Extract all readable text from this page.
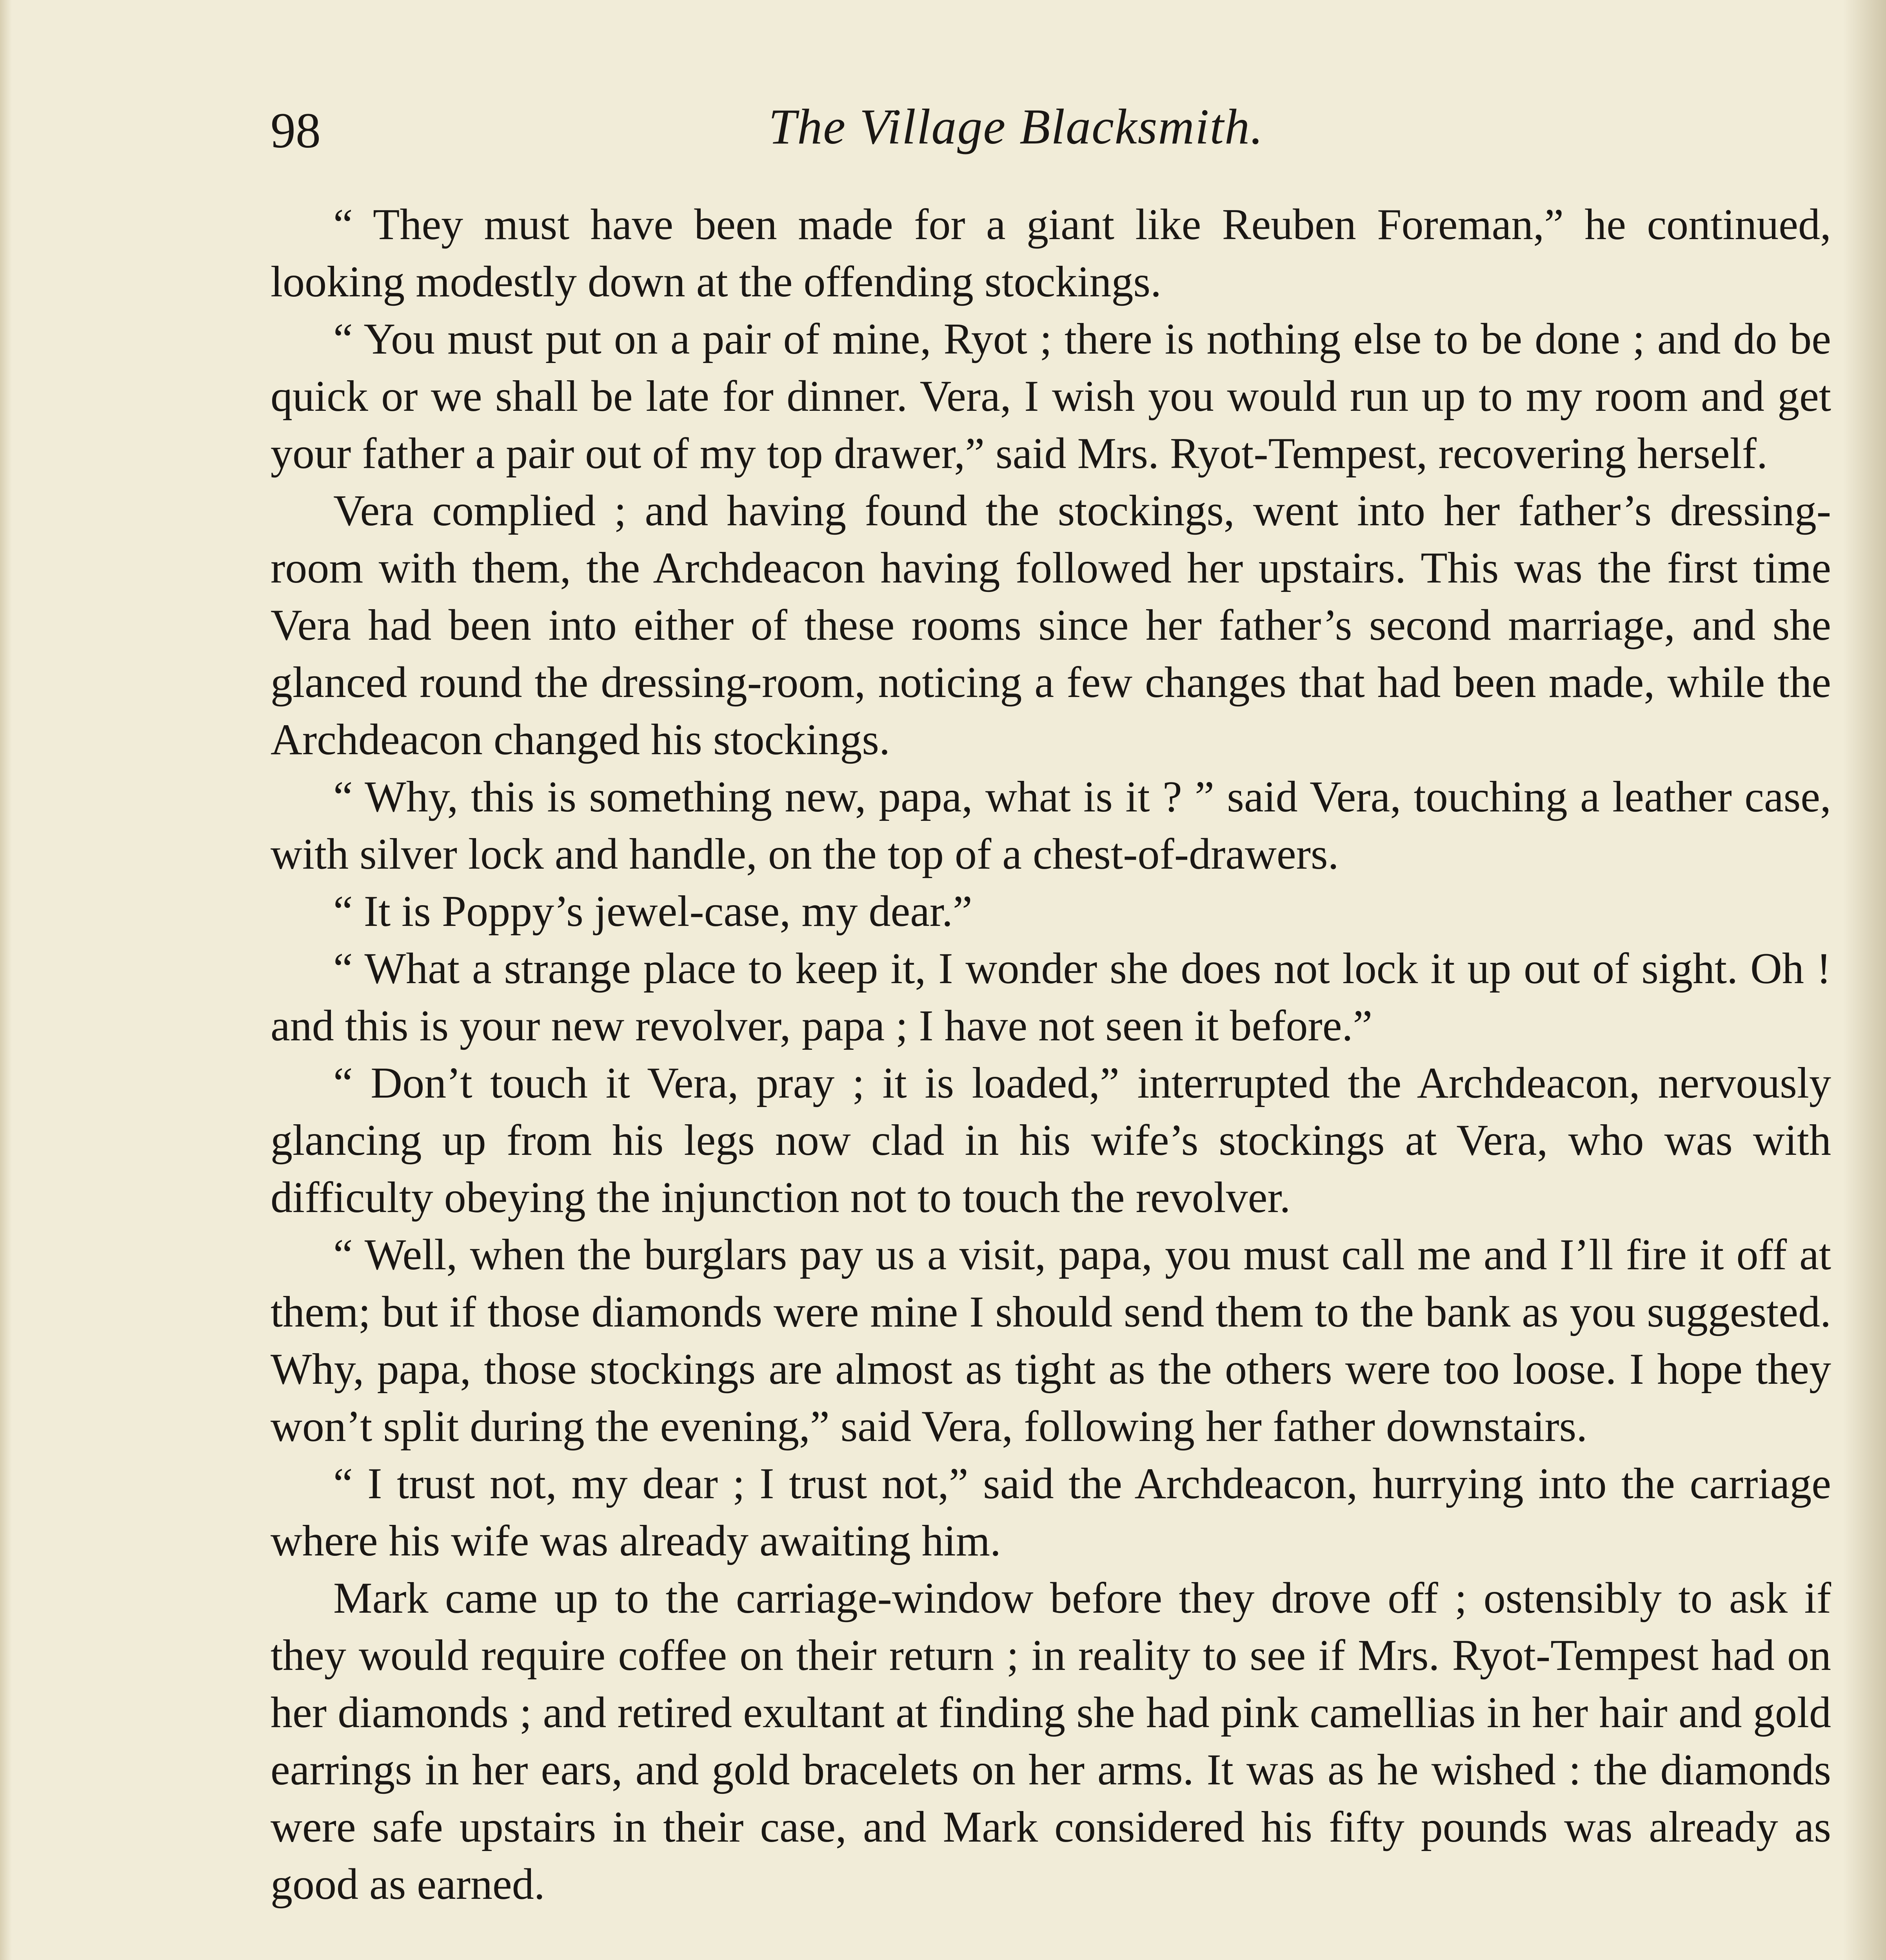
98	The Village Blacksmith.

“ They must have been made for a giant like Reuben Foreman,” he continued, looking modestly down at the offending stockings.

“ You must put on a pair of mine, Ryot ; there is nothing else to be done ; and do be quick or we shall be late for dinner. Vera, I wish you would run up to my room and get your father a pair out of my top drawer,” said Mrs. Ryot-Tempest, recovering herself.

Vera complied ; and having found the stockings, went into her father’s dressing-room with them, the Archdeacon having followed her upstairs. This was the first time Vera had been into either of these rooms since her father’s second marriage, and she glanced round the dressing-room, noticing a few changes that had been made, while the Archdeacon changed his stockings.

“ Why, this is something new, papa, what is it ? ” said Vera, touching a leather case, with silver lock and handle, on the top of a chest-of-drawers.

“ It is Poppy’s jewel-case, my dear.”

“ What a strange place to keep it, I wonder she does not lock it up out of sight. Oh ! and this is your new revolver, papa ; I have not seen it before.”

“ Don’t touch it Vera, pray ; it is loaded,” interrupted the Archdeacon, nervously glancing up from his legs now clad in his wife’s stockings at Vera, who was with difficulty obeying the injunction not to touch the revolver.

“ Well, when the burglars pay us a visit, papa, you must call me and I’ll fire it off at them; but if those diamonds were mine I should send them to the bank as you suggested. Why, papa, those stockings are almost as tight as the others were too loose. I hope they won’t split during the evening,” said Vera, following her father downstairs.

“ I trust not, my dear ; I trust not,” said the Archdeacon, hurrying into the carriage where his wife was already awaiting him.

Mark came up to the carriage-window before they drove off ; ostensibly to ask if they would require coffee on their return ; in reality to see if Mrs. Ryot-Tempest had on her diamonds ; and retired exultant at finding she had pink camellias in her hair and gold earrings in her ears, and gold bracelets on her arms. It was as he wished : the diamonds were safe upstairs in their case, and Mark considered his fifty pounds was already as good as earned.
